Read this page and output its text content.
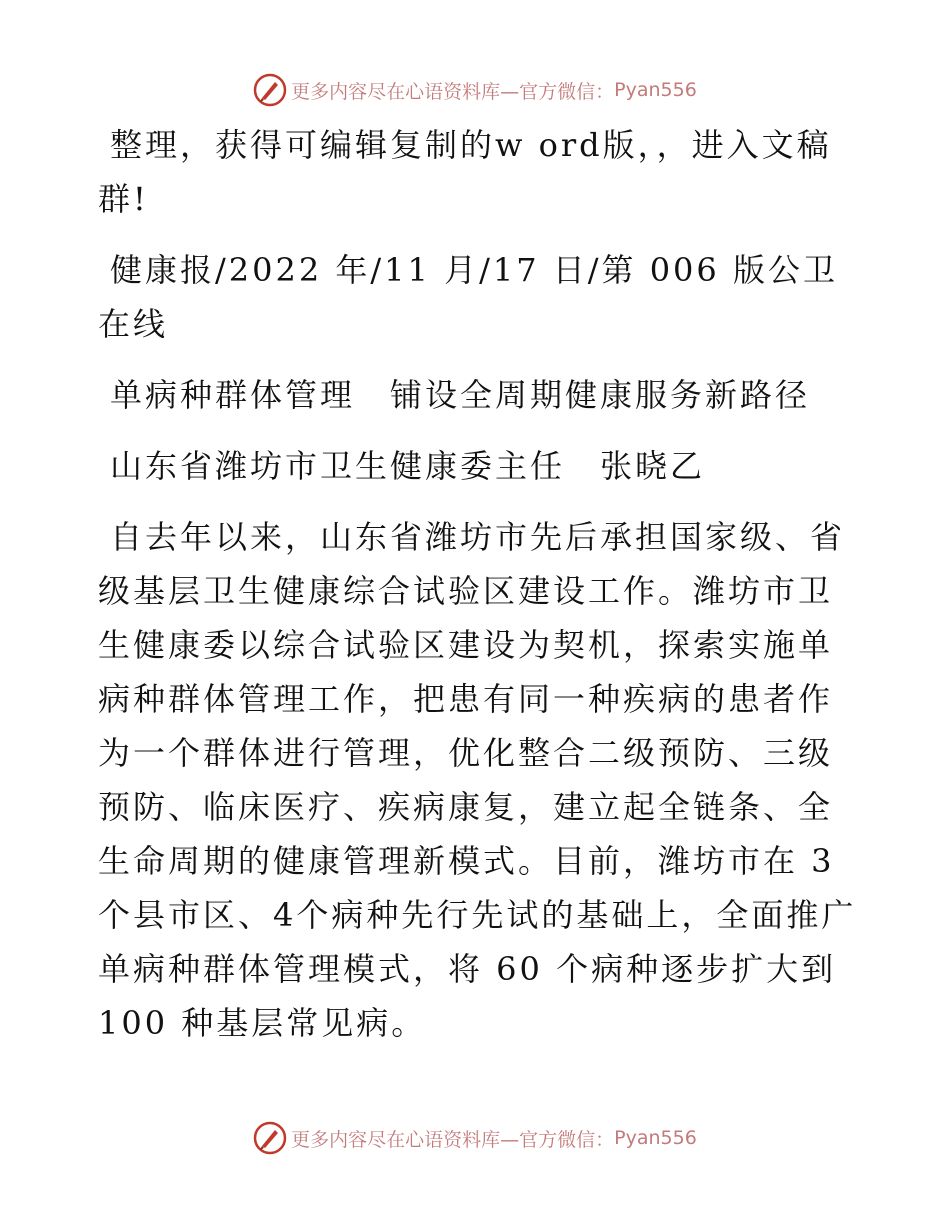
更多内容尽在心语资料库—官方微信： Pyan556

整理，获得可编辑复制的w ord版，，进入文稿群!

健康报/2022 年/11 月/17 日/第 006 版公卫在线

单病种群体管理　铺设全周期健康服务新路径

山东省潍坊市卫生健康委主任　张晓乙

自去年以来，山东省潍坊市先后承担国家级、省级基层卫生健康综合试验区建设工作。潍坊市卫生健康委以综合试验区建设为契机，探索实施单病种群体管理工作，把患有同一种疾病的患者作为一个群体进行管理，优化整合二级预防、三级预防、临床医疗、疾病康复，建立起全链条、全生命周期的健康管理新模式。目前，潍坊市在 3 个县市区、4个病种先行先试的基础上，全面推广单病种群体管理模式，将 60 个病种逐步扩大到 100 种基层常见病。

更多内容尽在心语资料库—官方微信： Pyan556
